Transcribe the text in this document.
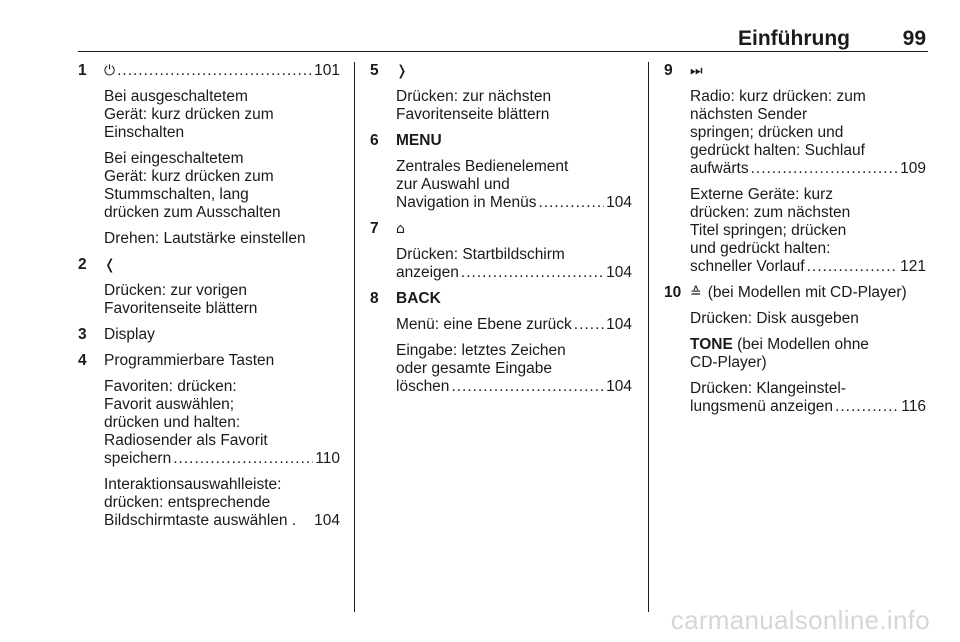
Einführung	99
1 ⏻ .....	101
Bei ausgeschaltetem
Gerät: kurz drücken zum
Einschalten
Bei eingeschaltetem
Gerät: kurz drücken zum
Stummschalten, lang
drücken zum Ausschalten
Drehen: Lautstärke einstellen
2 ❬
Drücken: zur vorigen
Favoritenseite blättern
3 Display
4 Programmierbare Tasten
Favoriten: drücken:
Favorit auswählen;
drücken und halten:
Radiosender als Favorit
speichern .....	110
Interaktionsauswahlleiste:
drücken: entsprechende
Bildschirmtaste auswählen . 104
5 ❭
Drücken: zur nächsten
Favoritenseite blättern
6 MENU
Zentrales Bedienelement
zur Auswahl und
Navigation in Menüs .....	104
7 ⌂
Drücken: Startbildschirm
anzeigen .....	104
8 BACK
Menü: eine Ebene zurück ..... 104
Eingabe: letztes Zeichen
oder gesamte Eingabe
löschen .....	104
9 ⏭
Radio: kurz drücken: zum
nächsten Sender
springen; drücken und
gedrückt halten: Suchlauf
aufwärts .....	109
Externe Geräte: kurz
drücken: zum nächsten
Titel springen; drücken
und gedrückt halten:
schneller Vorlauf .....	121
10 ≙ (bei Modellen mit CD-Player)
Drücken: Disk ausgeben
TONE (bei Modellen ohne
CD-Player)
Drücken: Klangeinstel-
lungsmenü anzeigen .....	116
carmanualsonline.info
